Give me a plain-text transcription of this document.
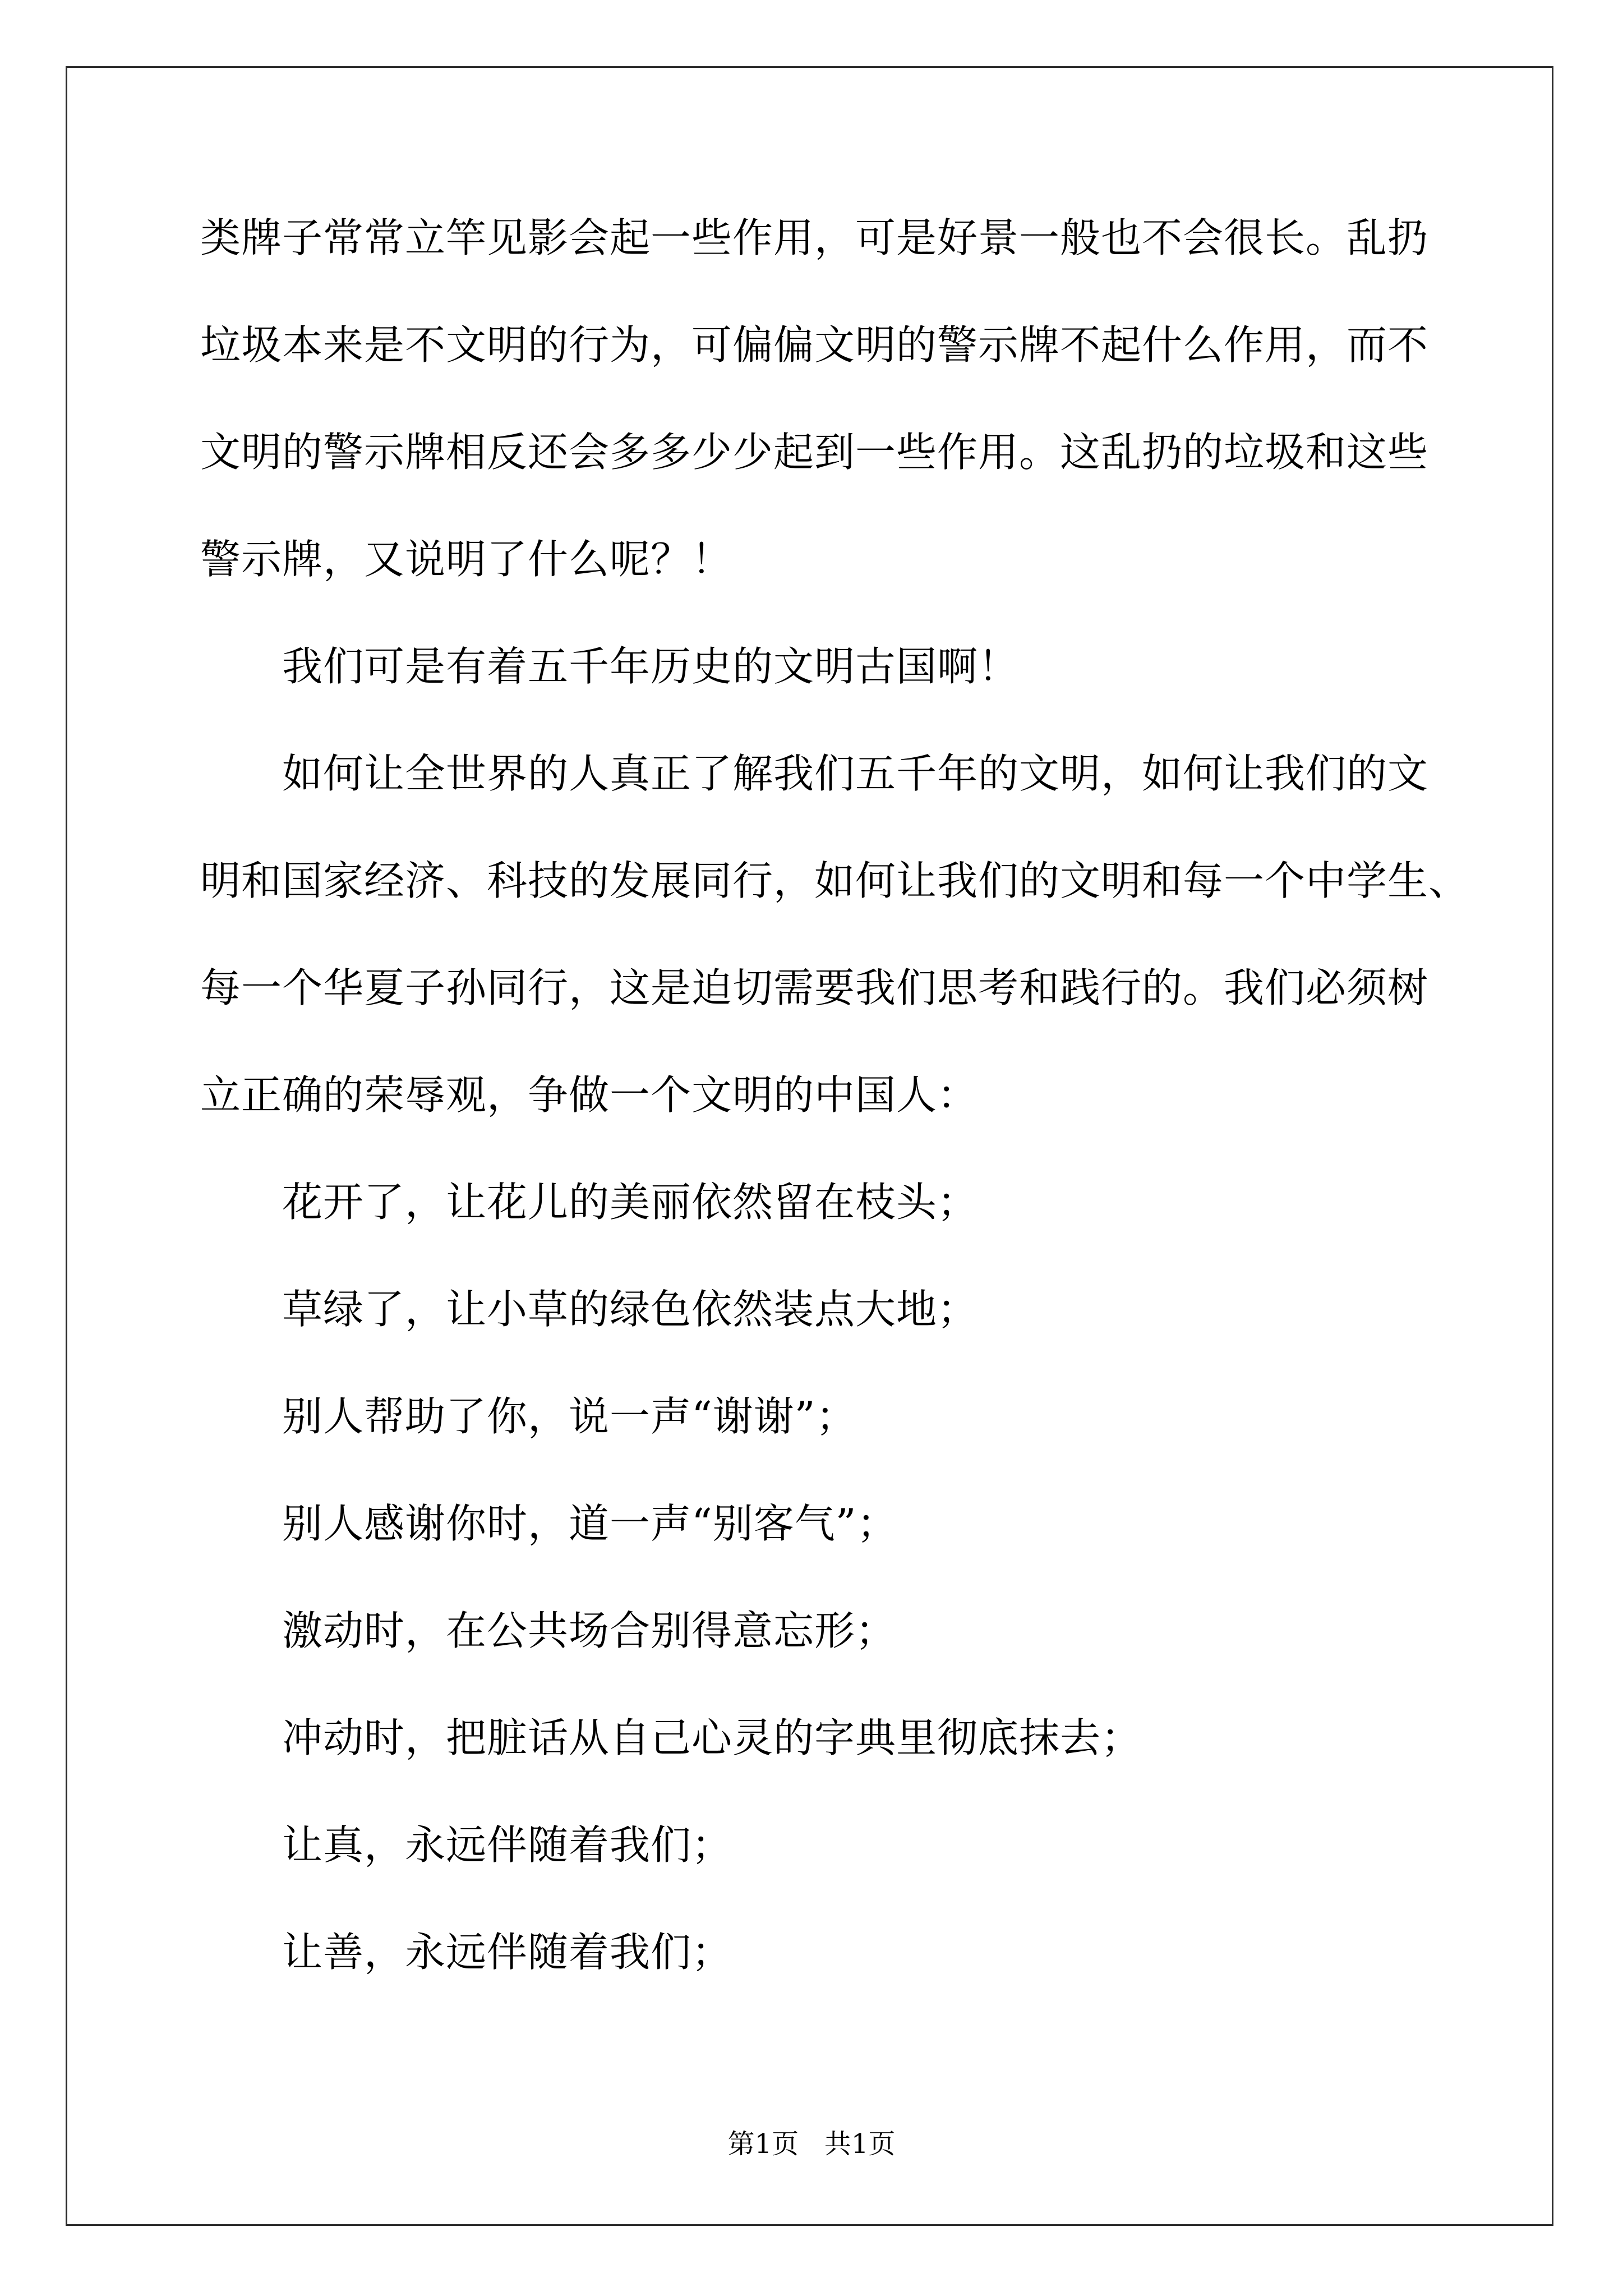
类牌子常常立竿见影会起一些作用，可是好景一般也不会很长。乱扔
垃圾本来是不文明的行为，可偏偏文明的警示牌不起什么作用，而不
文明的警示牌相反还会多多少少起到一些作用。这乱扔的垃圾和这些
警示牌，又说明了什么呢？！
我们可是有着五千年历史的文明古国啊！
如何让全世界的人真正了解我们五千年的文明，如何让我们的文
明和国家经济、科技的发展同行，如何让我们的文明和每一个中学生、
每一个华夏子孙同行，这是迫切需要我们思考和践行的。我们必须树
立正确的荣辱观，争做一个文明的中国人：
花开了，让花儿的美丽依然留在枝头；
草绿了，让小草的绿色依然装点大地；
别人帮助了你，说一声“谢谢”；
别人感谢你时，道一声“别客气”；
激动时，在公共场合别得意忘形；
冲动时，把脏话从自己心灵的字典里彻底抹去；
让真，永远伴随着我们；
让善，永远伴随着我们；
第1页 共1页
